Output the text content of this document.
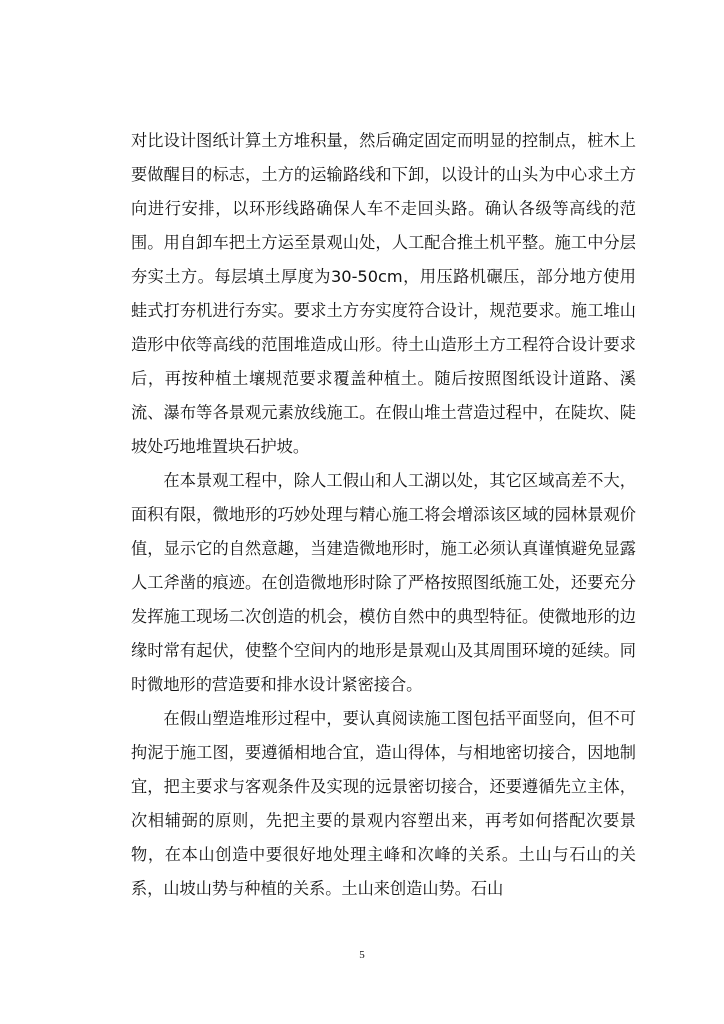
对比设计图纸计算土方堆积量，然后确定固定而明显的控制点，桩木上要做醒目的标志，土方的运输路线和下卸，以设计的山头为中心求土方向进行安排，以环形线路确保人车不走回头路。确认各级等高线的范围。用自卸车把土方运至景观山处，人工配合推土机平整。施工中分层夯实土方。每层填土厚度为30-50cm，用压路机碾压，部分地方使用蛙式打夯机进行夯实。要求土方夯实度符合设计，规范要求。施工堆山造形中依等高线的范围堆造成山形。待土山造形土方工程符合设计要求后，再按种植土壤规范要求覆盖种植土。随后按照图纸设计道路、溪流、瀑布等各景观元素放线施工。在假山堆土营造过程中，在陡坎、陡坡处巧地堆置块石护坡。

在本景观工程中，除人工假山和人工湖以处，其它区域高差不大，面积有限，微地形的巧妙处理与精心施工将会增添该区域的园林景观价值，显示它的自然意趣，当建造微地形时，施工必须认真谨慎避免显露人工斧凿的痕迹。在创造微地形时除了严格按照图纸施工处，还要充分发挥施工现场二次创造的机会，模仿自然中的典型特征。使微地形的边缘时常有起伏，使整个空间内的地形是景观山及其周围环境的延续。同时微地形的营造要和排水设计紧密接合。

在假山塑造堆形过程中，要认真阅读施工图包括平面竖向，但不可拘泥于施工图，要遵循相地合宜，造山得体，与相地密切接合，因地制宜，把主要求与客观条件及实现的远景密切接合，还要遵循先立主体，次相辅弼的原则，先把主要的景观内容塑出来，再考如何搭配次要景物，在本山创造中要很好地处理主峰和次峰的关系。土山与石山的关系，山坡山势与种植的关系。土山来创造山势。石山

5
